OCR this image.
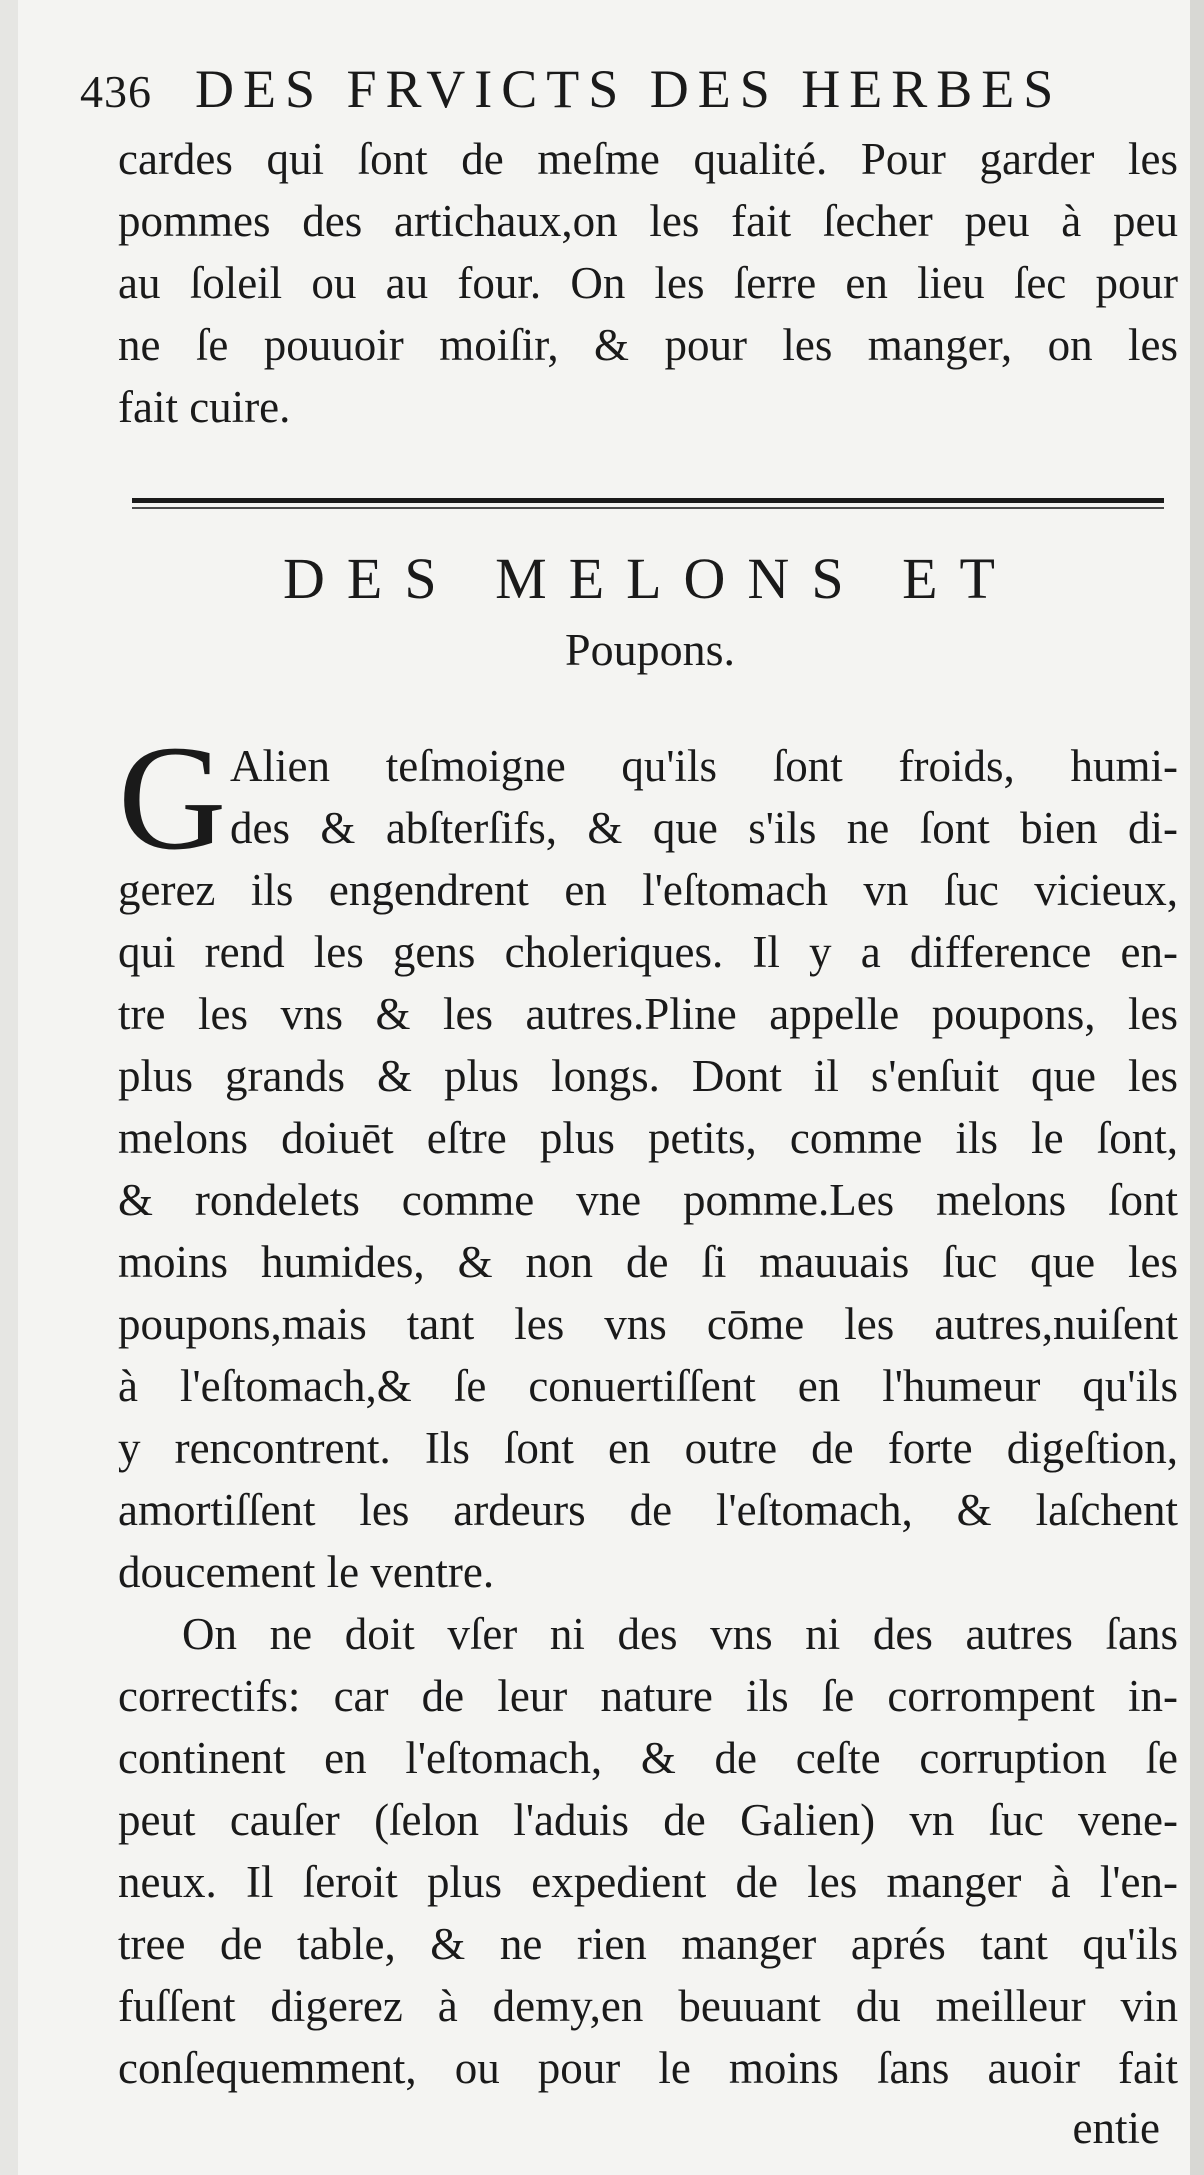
436 DES FRVICTS DES HERBES
cardes qui ſont de meſme qualité. Pour garder les
pommes des artichaux,on les fait ſecher peu à peu
au ſoleil ou au four. On les ſerre en lieu ſec pour
ne ſe pouuoir moiſir, & pour les manger, on les
fait cuire.
DES MELONS ET
Poupons.
G Alien teſmoigne qu'ils ſont froids, humi-
des & abſterſifs, & que s'ils ne ſont bien di-
gerez ils engendrent en l'eſtomach vn ſuc vicieux,
qui rend les gens choleriques. Il y a difference en-
tre les vns & les autres.Pline appelle poupons, les
plus grands & plus longs. Dont il s'enſuit que les
melons doiuēt eſtre plus petits, comme ils le ſont,
& rondelets comme vne pomme.Les melons ſont
moins humides, & non de ſi mauuais ſuc que les
poupons,mais tant les vns cōme les autres,nuiſent
à l'eſtomach,& ſe conuertiſſent en l'humeur qu'ils
y rencontrent. Ils ſont en outre de forte digeſtion,
amortiſſent les ardeurs de l'eſtomach, & laſchent
doucement le ventre.
On ne doit vſer ni des vns ni des autres ſans
correctifs: car de leur nature ils ſe corrompent in-
continent en l'eſtomach, & de ceſte corruption ſe
peut cauſer (ſelon l'aduis de Galien) vn ſuc vene-
neux. Il ſeroit plus expedient de les manger à l'en-
tree de table, & ne rien manger aprés tant qu'ils
fuſſent digerez à demy,en beuuant du meilleur vin
conſequemment, ou pour le moins ſans auoir fait
entie
